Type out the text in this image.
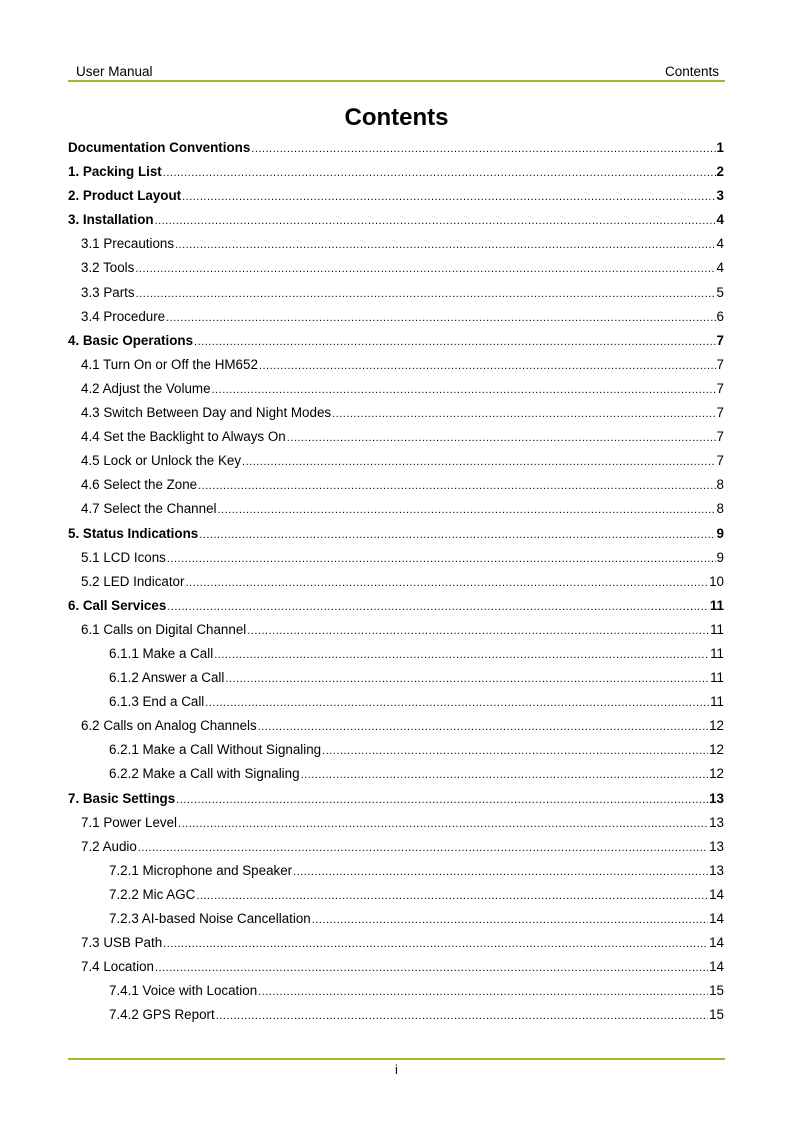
User Manual	Contents
Contents
Documentation Conventions .....	1
1. Packing List .....	2
2. Product Layout .....	3
3. Installation .....	4
3.1 Precautions .....	4
3.2 Tools .....	4
3.3 Parts .....	5
3.4 Procedure .....	6
4. Basic Operations .....	7
4.1 Turn On or Off the HM652 .....	7
4.2 Adjust the Volume .....	7
4.3 Switch Between Day and Night Modes .....	7
4.4 Set the Backlight to Always On .....	7
4.5 Lock or Unlock the Key .....	7
4.6 Select the Zone .....	8
4.7 Select the Channel .....	8
5. Status Indications .....	9
5.1 LCD Icons .....	9
5.2 LED Indicator .....	10
6. Call Services .....	11
6.1 Calls on Digital Channel .....	11
6.1.1 Make a Call .....	11
6.1.2 Answer a Call .....	11
6.1.3 End a Call .....	11
6.2 Calls on Analog Channels .....	12
6.2.1 Make a Call Without Signaling .....	12
6.2.2 Make a Call with Signaling .....	12
7. Basic Settings .....	13
7.1 Power Level .....	13
7.2 Audio .....	13
7.2.1 Microphone and Speaker .....	13
7.2.2 Mic AGC .....	14
7.2.3 AI-based Noise Cancellation .....	14
7.3 USB Path .....	14
7.4 Location .....	14
7.4.1 Voice with Location .....	15
7.4.2 GPS Report .....	15
i
